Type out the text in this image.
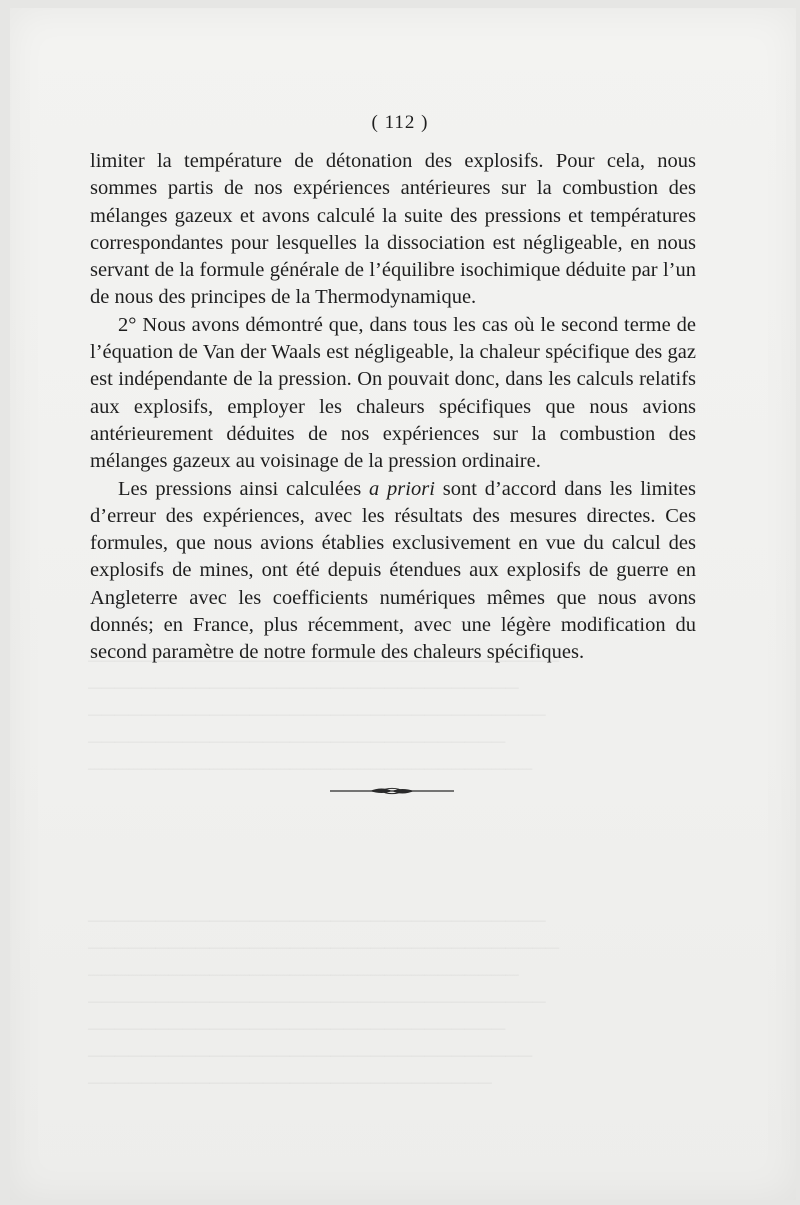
( 112 )

limiter la température de détonation des explosifs. Pour cela, nous sommes partis de nos expériences antérieures sur la combustion des mélanges gazeux et avons calculé la suite des pressions et températures correspondantes pour lesquelles la dissociation est négligeable, en nous servant de la formule générale de l’équilibre isochimique déduite par l’un de nous des principes de la Thermodynamique.

2° Nous avons démontré que, dans tous les cas où le second terme de l’équation de Van der Waals est négligeable, la chaleur spécifique des gaz est indépendante de la pression. On pouvait donc, dans les calculs relatifs aux explosifs, employer les chaleurs spécifiques que nous avions antérieurement déduites de nos expériences sur la combustion des mélanges gazeux au voisinage de la pression ordinaire.

Les pressions ainsi calculées a priori sont d’accord dans les limites d’erreur des expériences, avec les résultats des mesures directes. Ces formules, que nous avions établies exclusivement en vue du calcul des explosifs de mines, ont été depuis étendues aux explosifs de guerre en Angleterre avec les coefficients numériques mêmes que nous avons donnés; en France, plus récemment, avec une légère modification du second paramètre de notre formule des chaleurs spécifiques.
